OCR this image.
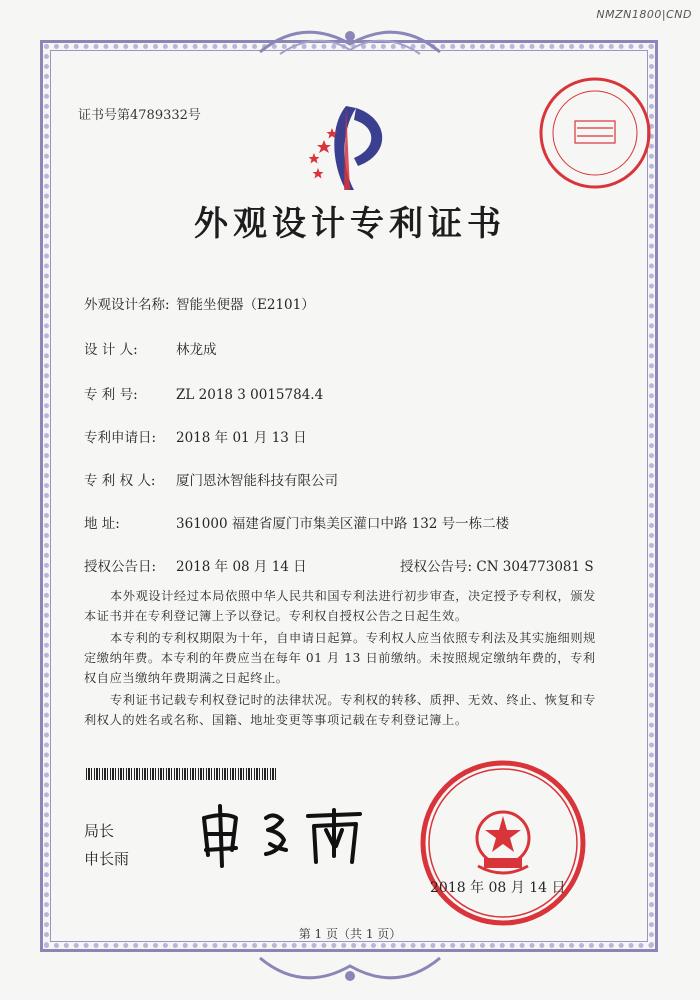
NMZN1800|CND
证书号第4789332号
外观设计专利证书
外观设计名称: 智能坐便器（E2101）
设 计 人:	林龙成
专 利 号:	ZL 2018 3 0015784.4
专利申请日: 2018 年 01 月 13 日
专 利 权 人: 厦门恩沐智能科技有限公司
地 址:	361000 福建省厦门市集美区灌口中路 132 号一栋二楼
授权公告日: 2018 年 08 月 14 日	授权公告号: CN 304773081 S
本外观设计经过本局依照中华人民共和国专利法进行初步审查，决定授予专利权，颁发本证书并在专利登记簿上予以登记。专利权自授权公告之日起生效。
本专利的专利权期限为十年，自申请日起算。专利权人应当依照专利法及其实施细则规定缴纳年费。本专利的年费应当在每年 01 月 13 日前缴纳。未按照规定缴纳年费的，专利权自应当缴纳年费期满之日起终止。
专利证书记载专利权登记时的法律状况。专利权的转移、质押、无效、终止、恢复和专利权人的姓名或名称、国籍、地址变更等事项记载在专利登记簿上。
局长
申长雨
2018 年 08 月 14 日
第 1 页（共 1 页）
